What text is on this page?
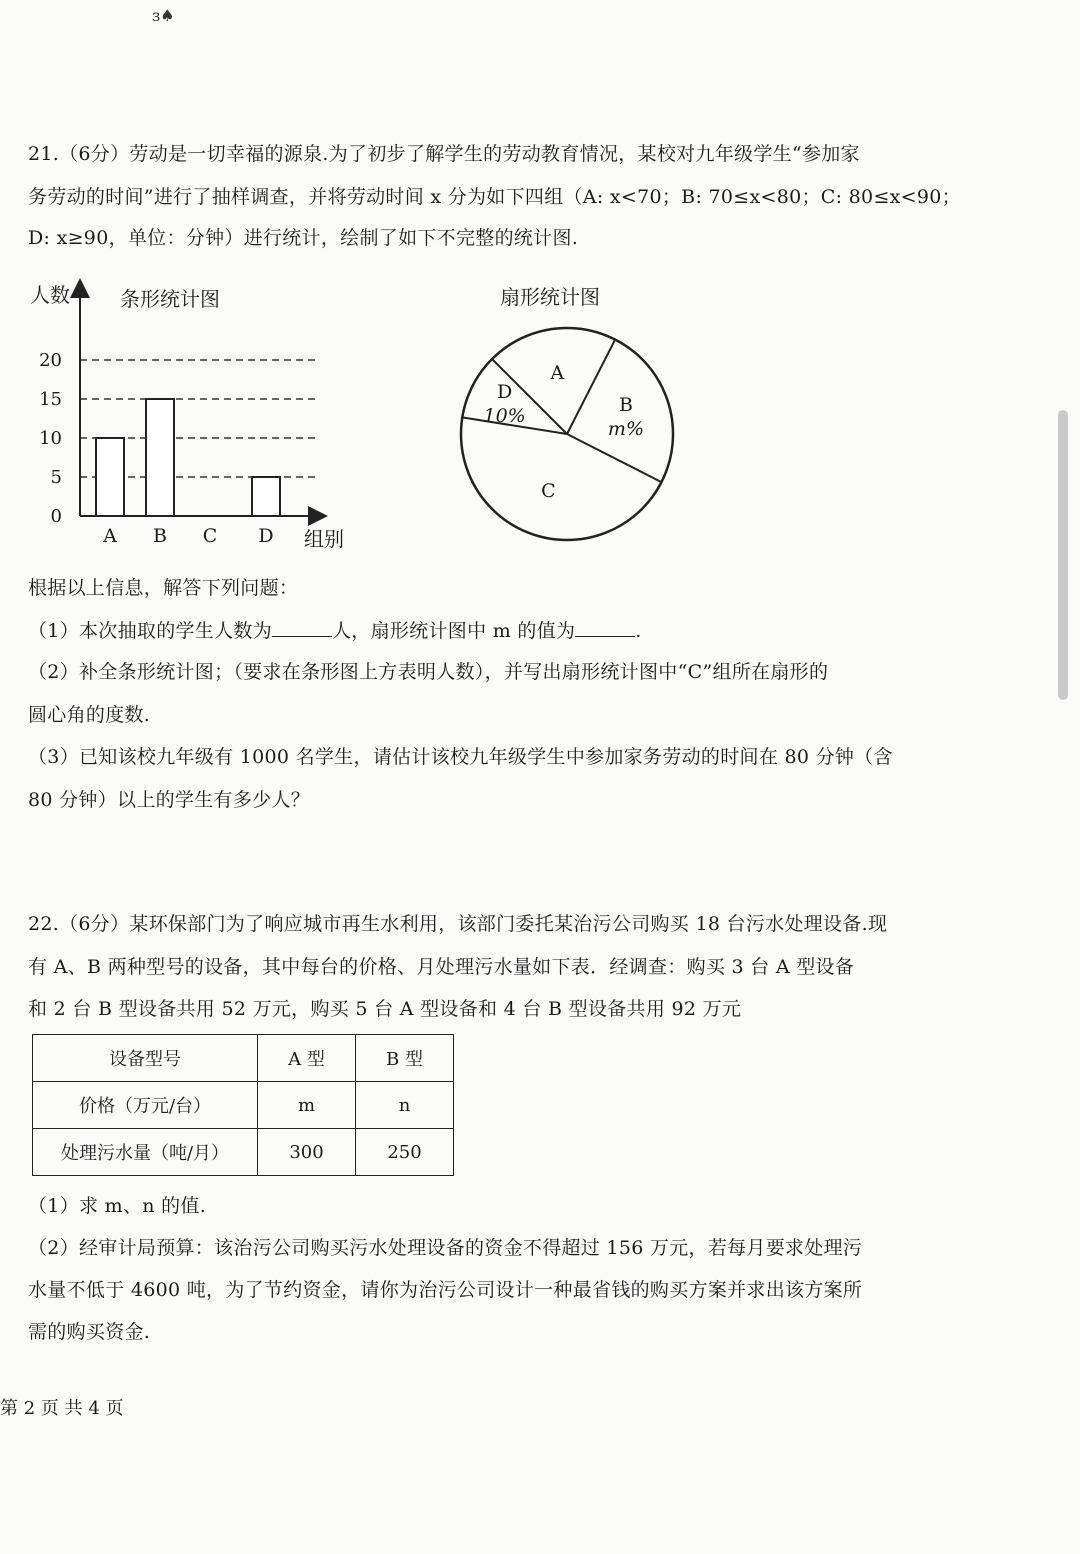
ɜ♠
21.（6分）劳动是一切幸福的源泉.为了初步了解学生的劳动教育情况，某校对九年级学生“参加家
务劳动的时间”进行了抽样调查，并将劳动时间 x 分为如下四组（A: x<70；B: 70≤x<80；C: 80≤x<90；
D: x≥90，单位：分钟）进行统计，绘制了如下不完整的统计图.
条形统计图
人数
组别
0
5
10
15
20
A B C D
扇形统计图
A
B
m%
C
D
10%
根据以上信息，解答下列问题：
（1）本次抽取的学生人数为	人，扇形统计图中 m 的值为	.
（2）补全条形统计图；（要求在条形图上方表明人数），并写出扇形统计图中“C”组所在扇形的
圆心角的度数.
（3）已知该校九年级有 1000 名学生，请估计该校九年级学生中参加家务劳动的时间在 80 分钟（含
80 分钟）以上的学生有多少人？
22.（6分）某环保部门为了响应城市再生水利用，该部门委托某治污公司购买 18 台污水处理设备.现
有 A、B 两种型号的设备，其中每台的价格、月处理污水量如下表．经调查：购买 3 台 A 型设备
和 2 台 B 型设备共用 52 万元，购买 5 台 A 型设备和 4 台 B 型设备共用 92 万元
设备型号	A 型	B 型
价格（万元/台）	m	n
处理污水量（吨/月）	300	250
（1）求 m、n 的值.
（2）经审计局预算：该治污公司购买污水处理设备的资金不得超过 156 万元，若每月要求处理污
水量不低于 4600 吨，为了节约资金，请你为治污公司设计一种最省钱的购买方案并求出该方案所
需的购买资金.
第 2 页 共 4 页
